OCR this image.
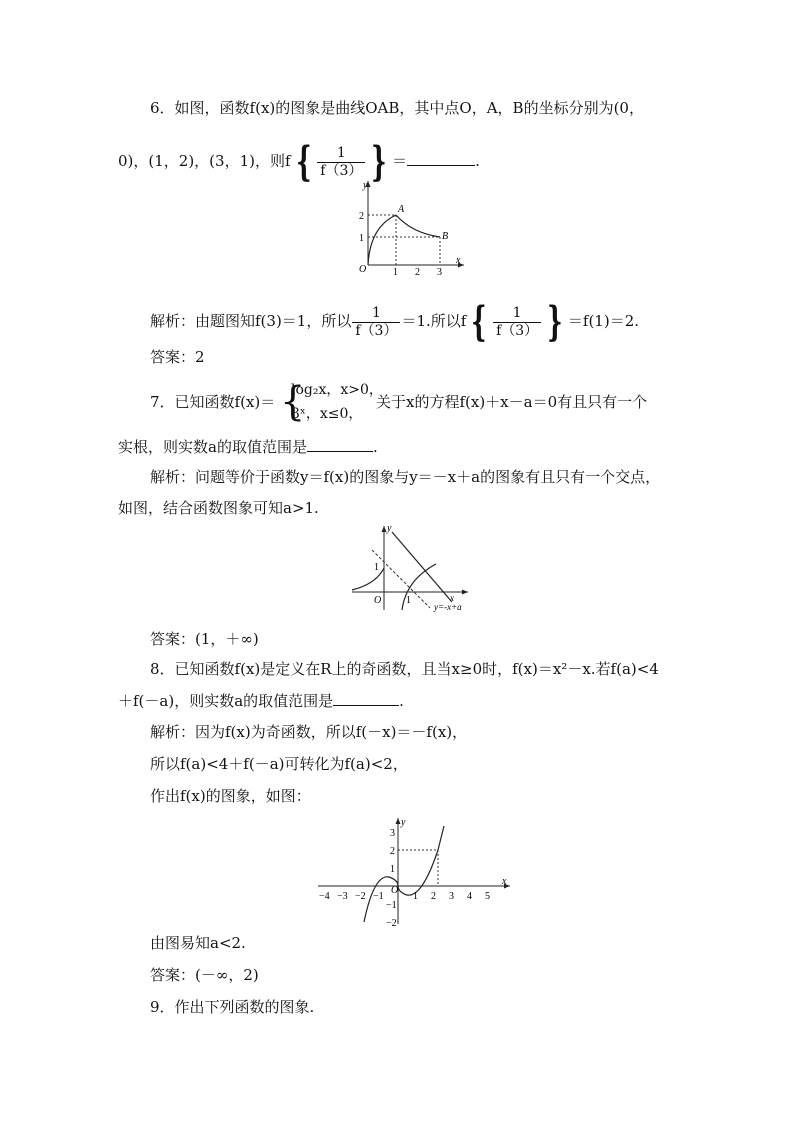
6．如图，函数f(x)的图象是曲线OAB，其中点O，A，B的坐标分别为(0，
0)，(1，2)，(3，1)，则f { $\frac{1}{f(3)}$ } ＝	.
y
x
O
A
B
1 2 3
1
2
解析：由题图知f(3)＝1，所以 $\frac{1}{f(3)} =1$.所以f { $\frac{1}{f(3)}$ } ＝f(1)＝2.
答案：2
7．已知函数f(x)＝ {
log₂x，x>0，
3ˣ，x≤0，
关于x的方程f(x)＋x－a＝0有且只有一个
实根，则实数a的取值范围是	.
解析：问题等价于函数y＝f(x)的图象与y＝－x＋a的图象有且只有一个交点，
如图，结合函数图象可知a>1.
y
O
1
1	x
y=-x+a
答案：(1，＋∞)
8．已知函数f(x)是定义在R上的奇函数，且当x≥0时，f(x)＝x²－x.若f(a)<4
＋f(－a)，则实数a的取值范围是	.
解析：因为f(x)为奇函数，所以f(－x)＝－f(x)，
所以f(a)<4＋f(－a)可转化为f(a)<2，
作出f(x)的图象，如图：
y
x
O
−4 −3 −2 −1	1 2 3 4 5
3
2
1
−1
−2
由图易知a<2.
答案：(－∞，2)
9．作出下列函数的图象.
